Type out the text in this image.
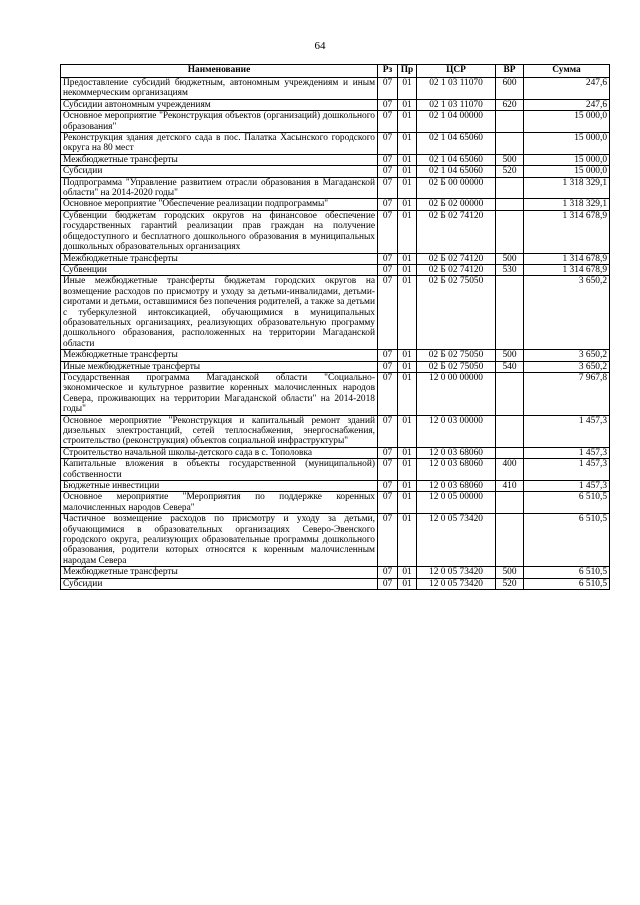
64
Наименование	Рз	Пр	ЦСР	ВР	Сумма
Предоставление субсидий бюджетным, автономным учреждениям и иным некоммерческим организациям	07	01	02 1 03 11070	600	247,6
Субсидии автономным учреждениям	07	01	02 1 03 11070	620	247,6
Основное мероприятие "Реконструкция объектов (организаций) дошкольного образования"	07	01	02 1 04 00000		15 000,0
Реконструкция здания детского сада в пос. Палатка Хасынского городского округа на 80 мест	07	01	02 1 04 65060		15 000,0
Межбюджетные трансферты	07	01	02 1 04 65060	500	15 000,0
Субсидии	07	01	02 1 04 65060	520	15 000,0
Подпрограмма "Управление развитием отрасли образования в Магаданской области" на 2014-2020 годы"	07	01	02 Б 00 00000		1 318 329,1
Основное мероприятие "Обеспечение реализации подпрограммы"	07	01	02 Б 02 00000		1 318 329,1
Субвенции бюджетам городских округов на финансовое обеспечение государственных гарантий реализации прав граждан на получение общедоступного и бесплатного дошкольного образования в муниципальных дошкольных образовательных организациях	07	01	02 Б 02 74120		1 314 678,9
Межбюджетные трансферты	07	01	02 Б 02 74120	500	1 314 678,9
Субвенции	07	01	02 Б 02 74120	530	1 314 678,9
Иные межбюджетные трансферты бюджетам городских округов на возмещение расходов по присмотру и уходу за детьми-инвалидами, детьми-сиротами и детьми, оставшимися без попечения родителей, а также за детьми с туберкулезной интоксикацией, обучающимися в муниципальных образовательных организациях, реализующих образовательную программу дошкольного образования, расположенных на территории Магаданской области	07	01	02 Б 02 75050		3 650,2
Межбюджетные трансферты	07	01	02 Б 02 75050	500	3 650,2
Иные межбюджетные трансферты	07	01	02 Б 02 75050	540	3 650,2
Государственная программа Магаданской области "Социально-экономическое и культурное развитие коренных малочисленных народов Севера, проживающих на территории Магаданской области" на 2014-2018 годы"	07	01	12 0 00 00000		7 967,8
Основное мероприятие "Реконструкция и капитальный ремонт зданий дизельных электростанций, сетей теплоснабжения, энергоснабжения, строительство (реконструкция) объектов социальной инфраструктуры"	07	01	12 0 03 00000		1 457,3
Строительство начальной школы-детского сада в с. Тополовка	07	01	12 0 03 68060		1 457,3
Капитальные вложения в объекты государственной (муниципальной) собственности	07	01	12 0 03 68060	400	1 457,3
Бюджетные инвестиции	07	01	12 0 03 68060	410	1 457,3
Основное мероприятие "Мероприятия по поддержке коренных малочисленных народов Севера"	07	01	12 0 05 00000		6 510,5
Частичное возмещение расходов по присмотру и уходу за детьми, обучающимися в образовательных организациях Северо-Эвенского городского округа, реализующих образовательные программы дошкольного образования, родители которых относятся к коренным малочисленным народам Севера	07	01	12 0 05 73420		6 510,5
Межбюджетные трансферты	07	01	12 0 05 73420	500	6 510,5
Субсидии	07	01	12 0 05 73420	520	6 510,5
